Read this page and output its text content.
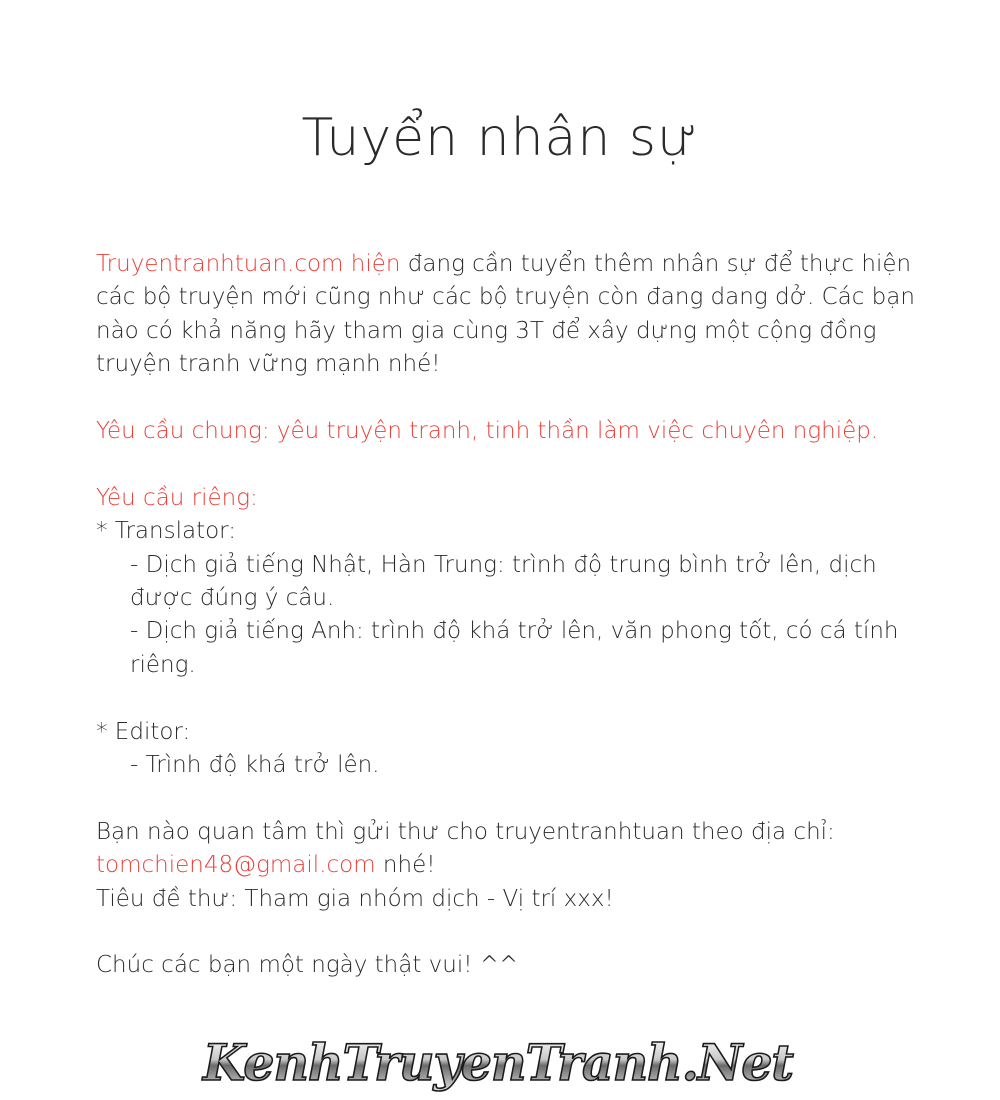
Tuyển nhân sự

Truyentranhtuan.com hiện đang cần tuyển thêm nhân sự để thực hiện các bộ truyện mới cũng như các bộ truyện còn đang dang dở. Các bạn nào có khả năng hãy tham gia cùng 3T để xây dựng một cộng đồng truyện tranh vững mạnh nhé!

Yêu cầu chung: yêu truyện tranh, tinh thần làm việc chuyên nghiệp.

Yêu cầu riêng:

* Translator:

- Dịch giả tiếng Nhật, Hàn Trung: trình độ trung bình trở lên, dịch được đúng ý câu.

- Dịch giả tiếng Anh: trình độ khá trở lên, văn phong tốt, có cá tính riêng.

* Editor:

- Trình độ khá trở lên.

Bạn nào quan tâm thì gửi thư cho truyentranhtuan theo địa chỉ:

tomchien48@gmail.com nhé!

Tiêu đề thư: Tham gia nhóm dịch - Vị trí xxx!

Chúc các bạn một ngày thật vui! ^^

KenhTruyenTranh.Net
